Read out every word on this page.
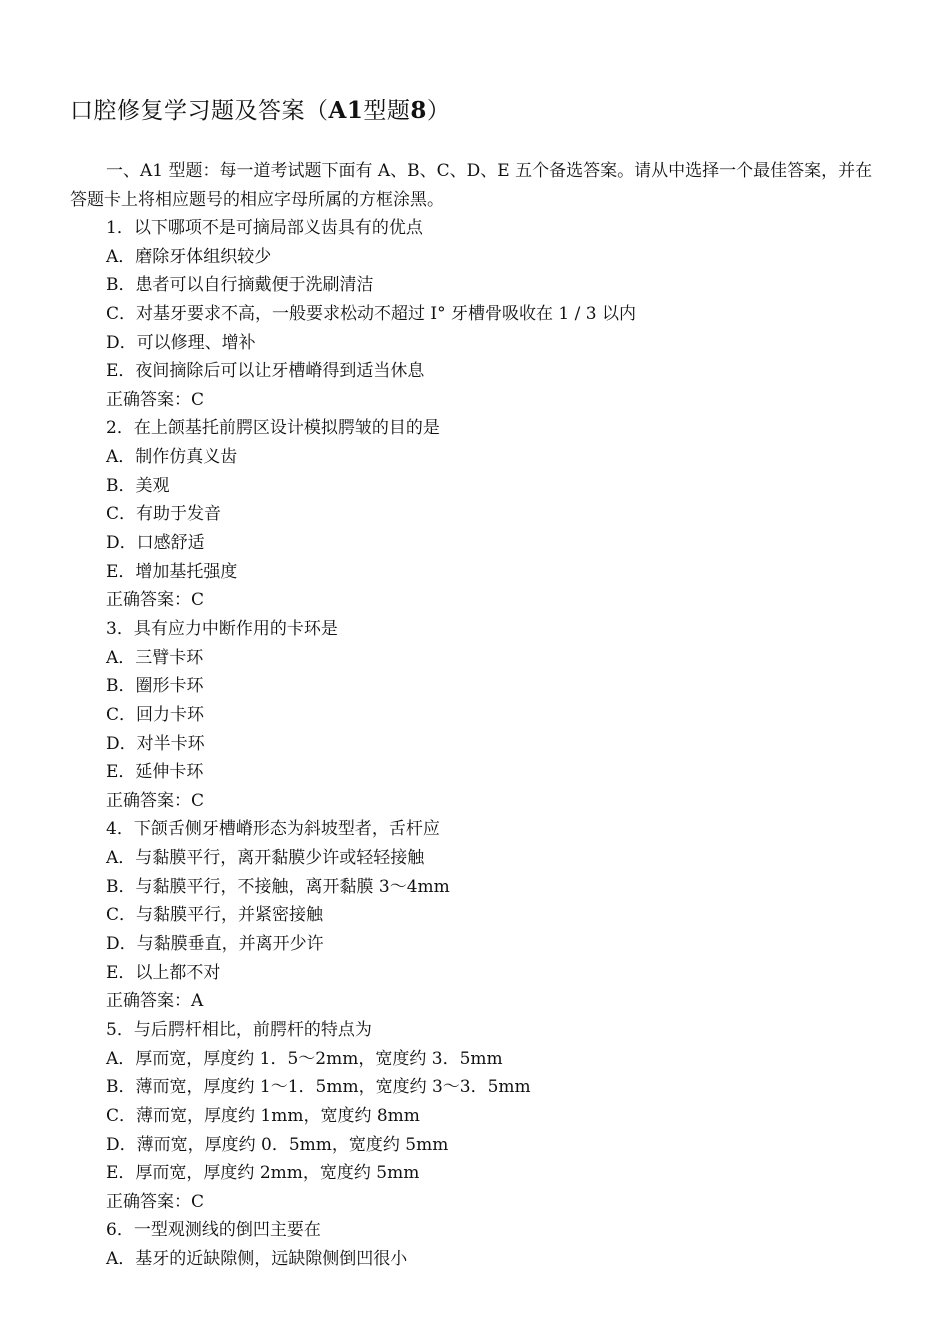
口腔修复学习题及答案（A1型题8）
一、A1 型题：每一道考试题下面有 A、B、C、D、E 五个备选答案。请从中选择一个最佳答案，并在答题卡上将相应题号的相应字母所属的方框涂黑。
1．以下哪项不是可摘局部义齿具有的优点
A．磨除牙体组织较少
B．患者可以自行摘戴便于洗刷清洁
C．对基牙要求不高，一般要求松动不超过 I° 牙槽骨吸收在 1 / 3 以内
D．可以修理、增补
E．夜间摘除后可以让牙槽嵴得到适当休息
正确答案：C
2．在上颌基托前腭区设计模拟腭皱的目的是
A．制作仿真义齿
B．美观
C．有助于发音
D．口感舒适
E．增加基托强度
正确答案：C
3．具有应力中断作用的卡环是
A．三臂卡环
B．圈形卡环
C．回力卡环
D．对半卡环
E．延伸卡环
正确答案：C
4．下颌舌侧牙槽嵴形态为斜坡型者，舌杆应
A．与黏膜平行，离开黏膜少许或轻轻接触
B．与黏膜平行，不接触，离开黏膜 3～4mm
C．与黏膜平行，并紧密接触
D．与黏膜垂直，并离开少许
E．以上都不对
正确答案：A
5．与后腭杆相比，前腭杆的特点为
A．厚而宽，厚度约 1．5～2mm，宽度约 3．5mm
B．薄而宽，厚度约 1～1．5mm，宽度约 3～3．5mm
C．薄而宽，厚度约 1mm，宽度约 8mm
D．薄而宽，厚度约 0．5mm，宽度约 5mm
E．厚而宽，厚度约 2mm，宽度约 5mm
正确答案：C
6．一型观测线的倒凹主要在
A．基牙的近缺隙侧，远缺隙侧倒凹很小
